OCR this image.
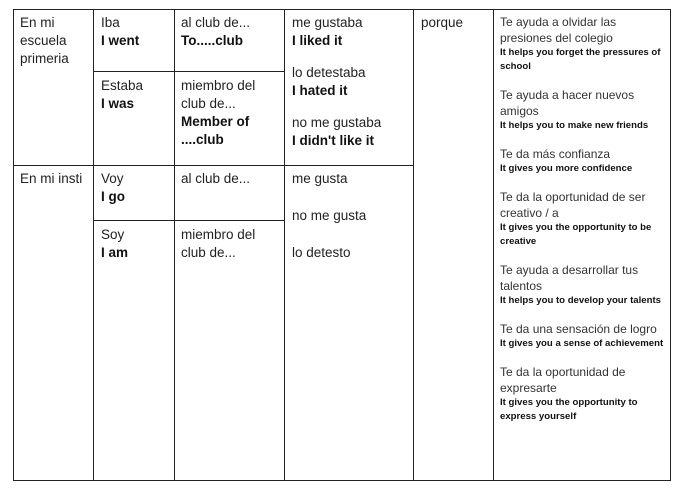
En mi escuela primeria
En mi insti
Iba
I went
Estaba
I was
Voy
I go
Soy
I am
al club de...
To.....club
miembro del club de...
Member of ....club
al club de...
miembro del club de...
me gustaba
I liked it
lo detestaba
I hated it
no me gustaba
I didn't like it
me gusta
no me gusta
lo detesto
porque	Te ayuda a olvidar las presiones del colegio
It helps you forget the pressures of school
Te ayuda a hacer nuevos amigos
It helps you to make new friends
Te da más confianza
It gives you more confidence
Te da la oportunidad de ser creativo / a
It gives you the opportunity to be creative
Te ayuda a desarrollar tus talentos
It helps you to develop your talents
Te da una sensación de logro
It gives you a sense of achievement
Te da la oportunidad de expresarte
It gives you the opportunity to express yourself
